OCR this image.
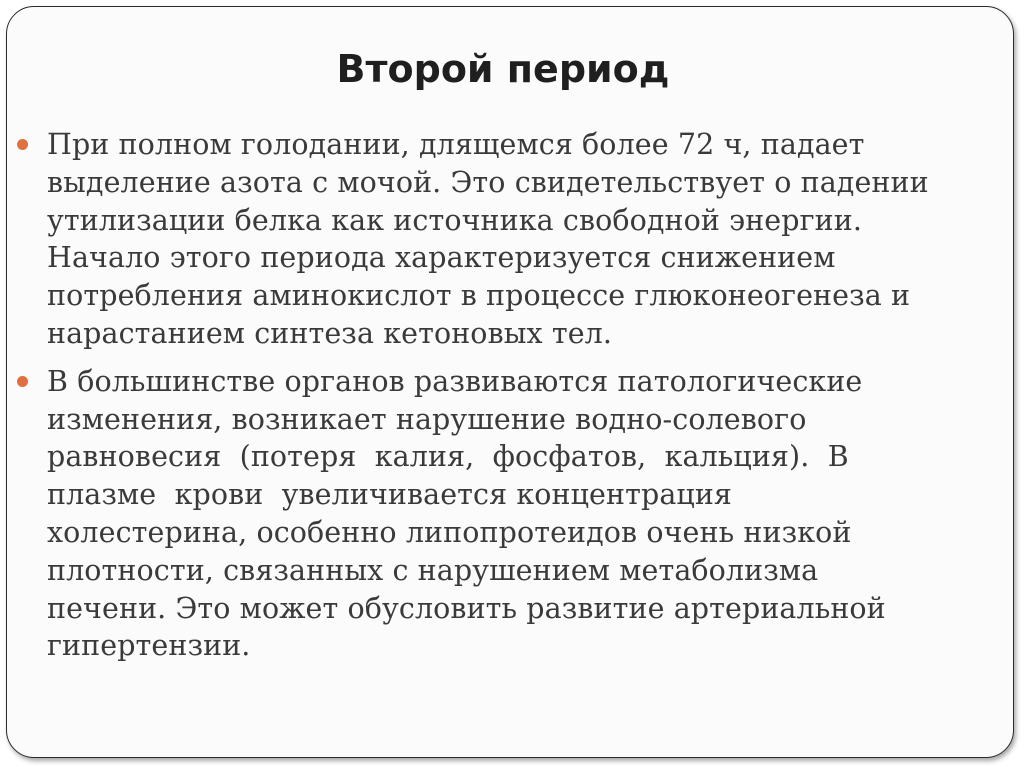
Второй период
При полном голодании, длящемся более 72 ч, падает
выделение азота с мочой. Это свидетельствует о падении
утилизации белка как источника свободной энергии.
Начало этого периода характеризуется снижением
потребления аминокислот в процессе глюконеогенеза и
нарастанием синтеза кетоновых тел.
В большинстве органов развиваются патологические
изменения, возникает нарушение водно-солевого
равновесия  (потеря  калия,  фосфатов,  кальция).  В
плазме  крови  увеличивается концентрация
холестерина, особенно липопротеидов очень низкой
плотности, связанных с нарушением метаболизма
печени. Это может обусловить развитие артериальной
гипертензии.
